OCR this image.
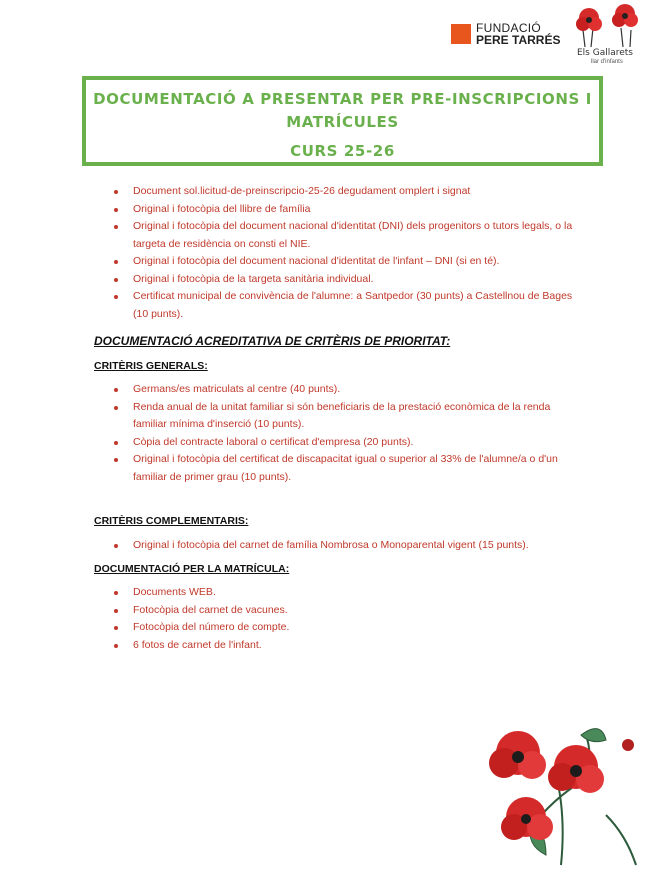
FUNDACIÓ
PERE TARRÉS
Els Gallarets
llar d'infants
DOCUMENTACIÓ A PRESENTAR PER PRE-INSCRIPCIONS I
MATRÍCULES
CURS 25-26
Document sol.licitud-de-preinscripcio-25-26 degudament omplert i signat
Original i fotocòpia del llibre de família
Original i fotocòpia del document nacional d'identitat (DNI) dels progenitors o tutors legals, o la targeta de residència on consti el NIE.
Original i fotocòpia del document nacional d'identitat de l'infant – DNI (si en té).
Original i fotocòpia de la targeta sanitària individual.
Certificat municipal de convivència de l'alumne: a Santpedor (30 punts) a Castellnou de Bages (10 punts).
DOCUMENTACIÓ ACREDITATIVA DE CRITÈRIS DE PRIORITAT:
CRITÈRIS GENERALS:
Germans/es matriculats al centre (40 punts).
Renda anual de la unitat familiar si són beneficiaris de la prestació econòmica de la renda familiar mínima d'inserció (10 punts).
Còpia del contracte laboral o certificat d'empresa (20 punts).
Original i fotocòpia del certificat de discapacitat igual o superior al 33% de l'alumne/a o d'un familiar de primer grau (10 punts).
CRITÈRIS COMPLEMENTARIS:
Original i fotocòpia del carnet de família Nombrosa o Monoparental vigent (15 punts).
DOCUMENTACIÓ PER LA MATRÍCULA:
Documents WEB.
Fotocòpia del carnet de vacunes.
Fotocòpia del número de compte.
6 fotos de carnet de l'infant.
